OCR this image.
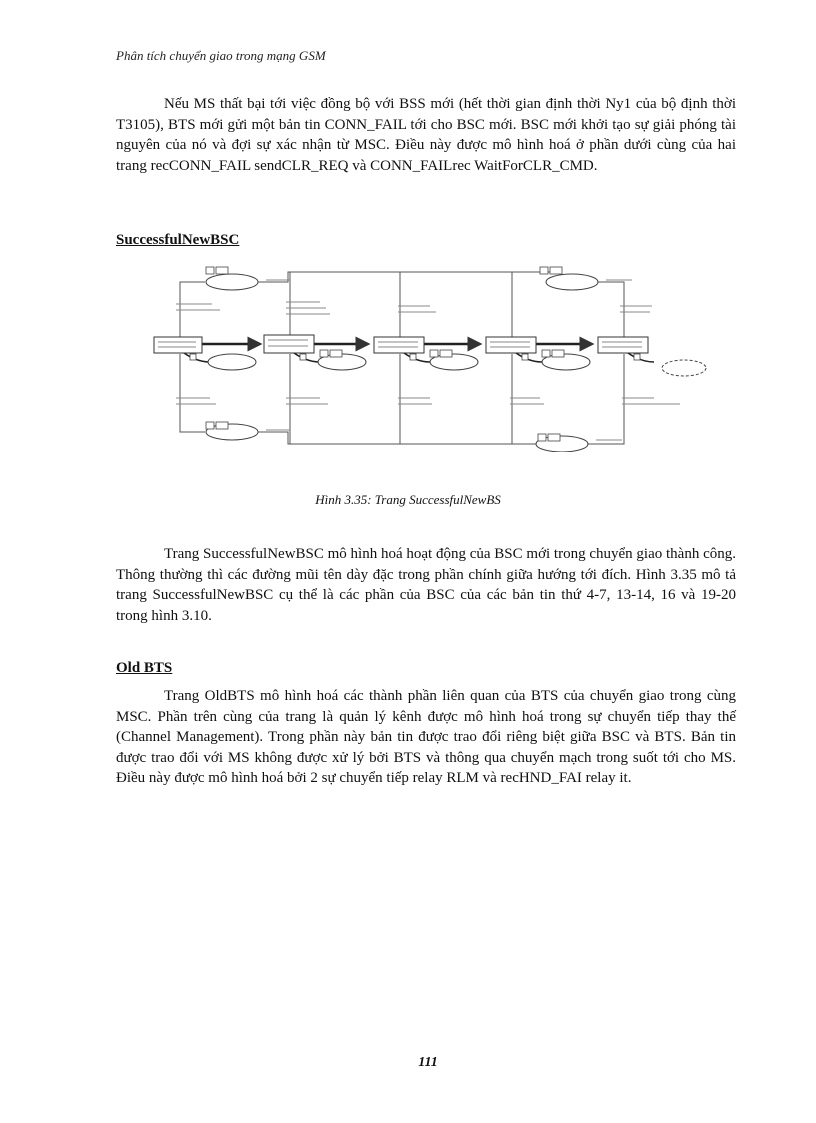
Phân tích chuyển giao trong mạng GSM

Nếu MS thất bại tới việc đồng bộ với BSS mới (hết thời gian định thời Ny1 của bộ định thời T3105), BTS mới gửi một bản tin CONN_FAIL tới cho BSC mới. BSC mới khởi tạo sự giải phóng tài nguyên của nó và đợi sự xác nhận từ MSC. Điều này được mô hình hoá ở phần dưới cùng của hai trang recCONN_FAIL sendCLR_REQ và CONN_FAILrec WaitForCLR_CMD.

SuccessfulNewBSC
Hình 3.35: Trang SuccessfulNewBS

Trang SuccessfulNewBSC mô hình hoá hoạt động của BSC mới trong chuyển giao thành công. Thông thường thì các đường mũi tên dày đặc trong phần chính giữa hướng tới đích. Hình 3.35 mô tả trang SuccessfulNewBSC cụ thể là các phần của BSC của các bản tin thứ 4-7, 13-14, 16 và 19-20 trong hình 3.10.

Old BTS

Trang OldBTS mô hình hoá các thành phần liên quan của BTS của chuyển giao trong cùng MSC. Phần trên cùng của trang là quản lý kênh được mô hình hoá trong sự chuyển tiếp thay thế (Channel Management). Trong phần này bản tin được trao đổi riêng biệt giữa BSC và BTS. Bản tin được trao đổi với MS không được xử lý bởi BTS và thông qua chuyển mạch trong suốt tới cho MS. Điều này được mô hình hoá bởi 2 sự chuyển tiếp relay RLM và recHND_FAI relay it.

111
